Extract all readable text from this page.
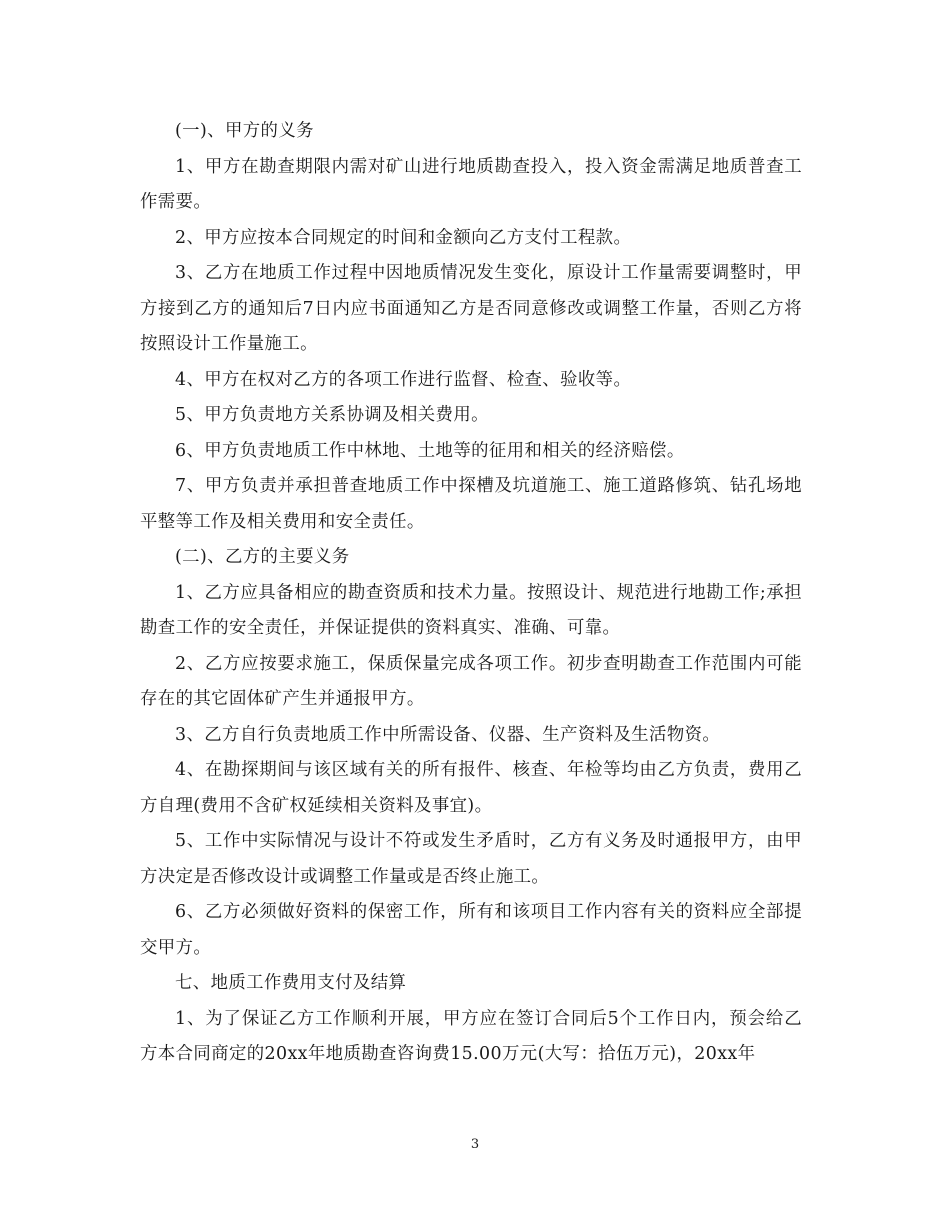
(一)、甲方的义务

1、甲方在勘查期限内需对矿山进行地质勘查投入，投入资金需满足地质普查工作需要。

2、甲方应按本合同规定的时间和金额向乙方支付工程款。

3、乙方在地质工作过程中因地质情况发生变化，原设计工作量需要调整时，甲方接到乙方的通知后7日内应书面通知乙方是否同意修改或调整工作量，否则乙方将按照设计工作量施工。

4、甲方在权对乙方的各项工作进行监督、检查、验收等。

5、甲方负责地方关系协调及相关费用。

6、甲方负责地质工作中林地、土地等的征用和相关的经济赔偿。

7、甲方负责并承担普查地质工作中探槽及坑道施工、施工道路修筑、钻孔场地平整等工作及相关费用和安全责任。

(二)、乙方的主要义务

1、乙方应具备相应的勘查资质和技术力量。按照设计、规范进行地勘工作;承担勘查工作的安全责任，并保证提供的资料真实、准确、可靠。

2、乙方应按要求施工，保质保量完成各项工作。初步查明勘查工作范围内可能存在的其它固体矿产生并通报甲方。

3、乙方自行负责地质工作中所需设备、仪器、生产资料及生活物资。

4、在勘探期间与该区域有关的所有报件、核查、年检等均由乙方负责，费用乙方自理(费用不含矿权延续相关资料及事宜)。

5、工作中实际情况与设计不符或发生矛盾时，乙方有义务及时通报甲方，由甲方决定是否修改设计或调整工作量或是否终止施工。

6、乙方必须做好资料的保密工作，所有和该项目工作内容有关的资料应全部提交甲方。

七、地质工作费用支付及结算

1、为了保证乙方工作顺利开展，甲方应在签订合同后5个工作日内，预会给乙方本合同商定的20xx年地质勘查咨询费15.00万元(大写：拾伍万元)，20xx年

3
